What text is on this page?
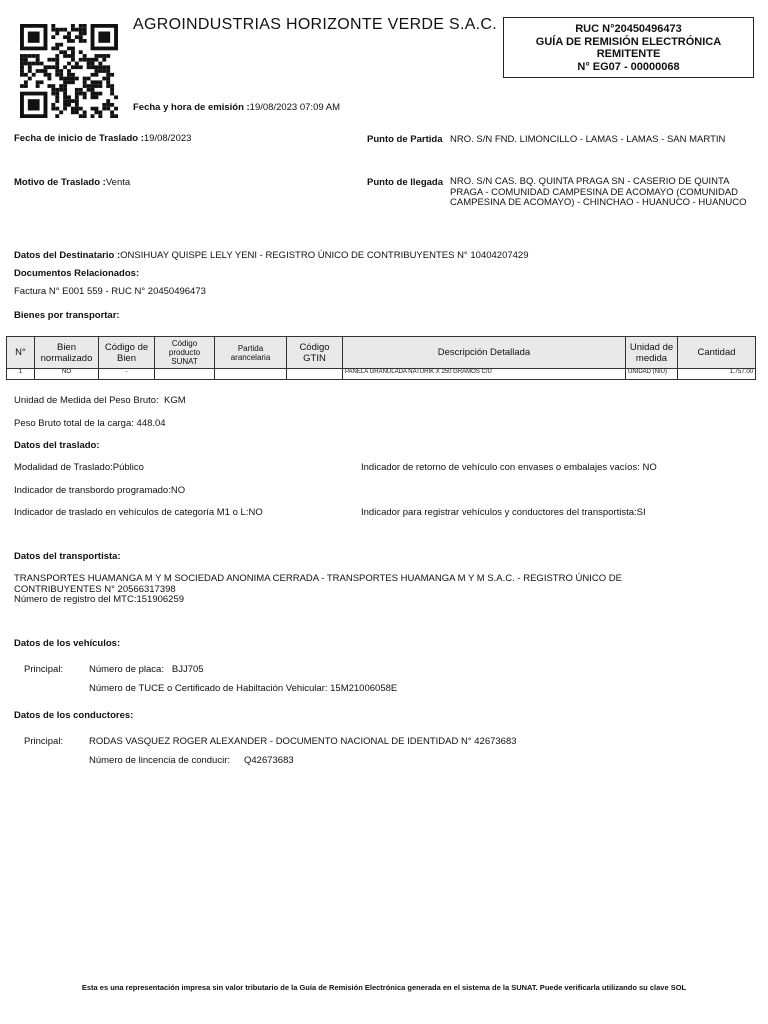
AGROINDUSTRIAS HORIZONTE VERDE S.A.C.	RUC N°20450496473
GUÍA DE REMISIÓN ELECTRÓNICA
REMITENTE
N° EG07 - 00000068
Fecha y hora de emisión :19/08/2023 07:09 AM
Fecha de inicio de Traslado :19/08/2023	Punto de Partida NRO. S/N FND. LIMONCILLO - LAMAS - LAMAS - SAN MARTIN
Motivo de Traslado :Venta	Punto de llegada NRO. S/N CAS. BQ. QUINTA PRAGA SN - CASERIO DE QUINTA
PRAGA - COMUNIDAD CAMPESINA DE ACOMAYO (COMUNIDAD
CAMPESINA DE ACOMAYO) - CHINCHAO - HUANUCO - HUANUCO
Datos del Destinatario :ONSIHUAY QUISPE LELY YENI - REGISTRO ÚNICO DE CONTRIBUYENTES N° 10404207429
Documentos Relacionados:
Factura N° E001 559 - RUC N° 20450496473
Bienes por transportar:
N°	Bien normalizado	Código de Bien	Código producto SUNAT	Partida arancelaria	Código GTIN	Descripción Detallada	Unidad de medida	Cantidad
1	NO	-				PANELA GRANULADA NATURIK X 250 GRAMOS C/U	UNIDAD (NIU)	1,757.00
Unidad de Medida del Peso Bruto: KGM
Peso Bruto total de la carga: 448.04
Datos del traslado:
Modalidad de Traslado:Público	Indicador de retorno de vehículo con envases o embalajes vacíos: NO
Indicador de transbordo programado:NO
Indicador de traslado en vehículos de categoría M1 o L:NO	Indicador para registrar vehículos y conductores del transportista:SI
Datos del transportista:
TRANSPORTES HUAMANGA M Y M SOCIEDAD ANONIMA CERRADA - TRANSPORTES HUAMANGA M Y M S.A.C. - REGISTRO ÚNICO DE
CONTRIBUYENTES N° 20566317398
Número de registro del MTC:151906259
Datos de los vehículos:
Principal:	Número de placa: BJJ705
Número de TUCE o Certificado de Habiltación Vehicular: 15M21006058E
Datos de los conductores:
Principal:	RODAS VASQUEZ ROGER ALEXANDER - DOCUMENTO NACIONAL DE IDENTIDAD N° 42673683
Número de lincencia de conducir: Q42673683
Esta es una representación impresa sin valor tributario de la Guía de Remisión Electrónica generada en el sistema de la SUNAT. Puede verificarla utilizando su clave SOL
